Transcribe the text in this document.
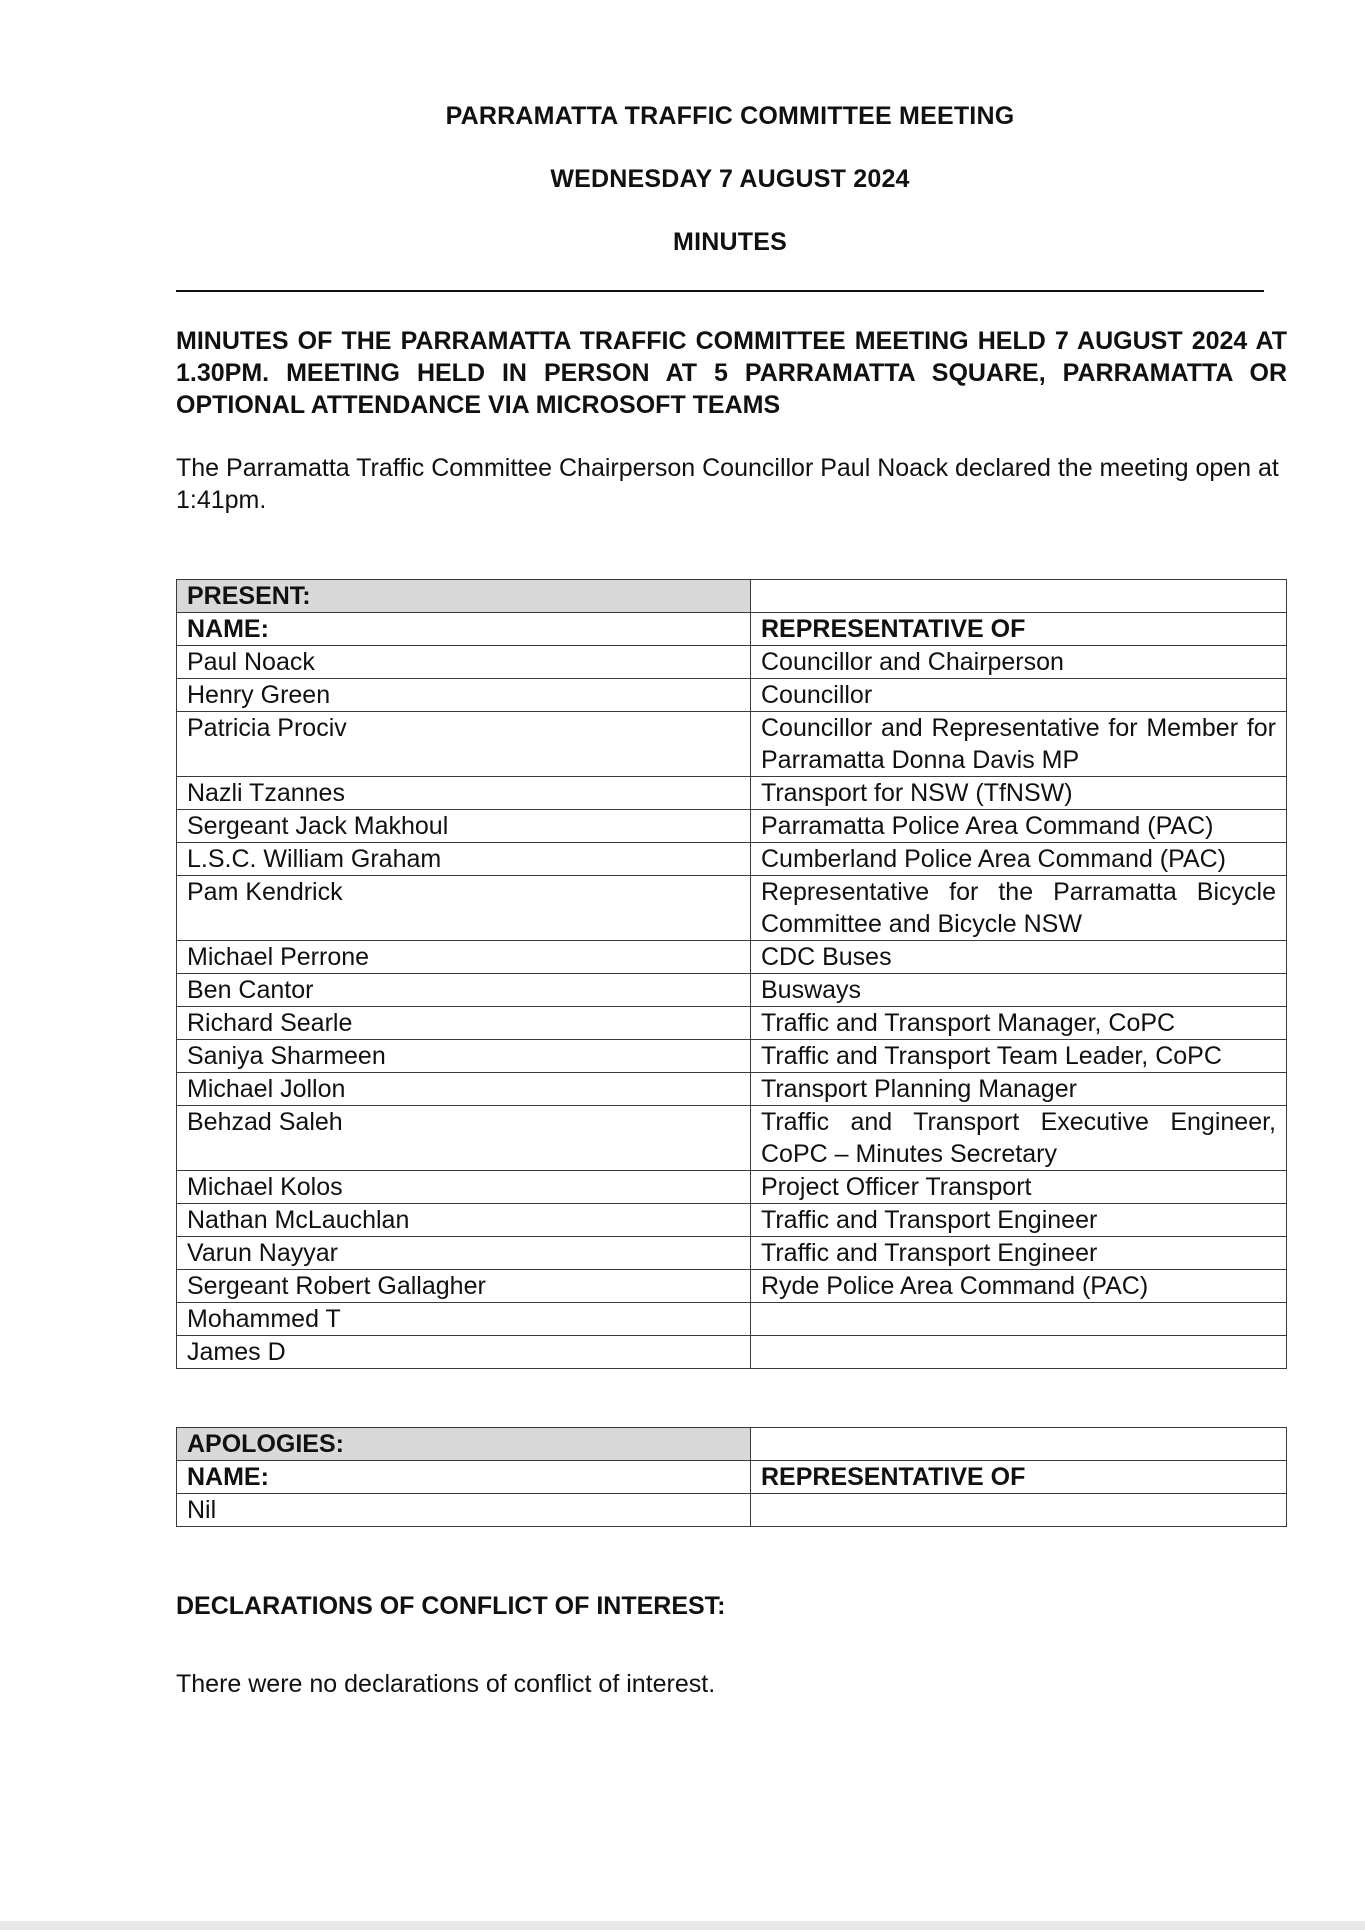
PARRAMATTA TRAFFIC COMMITTEE MEETING
WEDNESDAY 7 AUGUST 2024
MINUTES
MINUTES OF THE PARRAMATTA TRAFFIC COMMITTEE MEETING HELD 7 AUGUST 2024 AT 1.30PM. MEETING HELD IN PERSON AT 5 PARRAMATTA SQUARE, PARRAMATTA OR OPTIONAL ATTENDANCE VIA MICROSOFT TEAMS
The Parramatta Traffic Committee Chairperson Councillor Paul Noack declared the meeting open at 1:41pm.
PRESENT:	
NAME:	REPRESENTATIVE OF
Paul Noack	Councillor and Chairperson
Henry Green	Councillor
Patricia Prociv	Councillor and Representative for Member for Parramatta Donna Davis MP
Nazli Tzannes	Transport for NSW (TfNSW)
Sergeant Jack Makhoul	Parramatta Police Area Command (PAC)
L.S.C. William Graham	Cumberland Police Area Command (PAC)
Pam Kendrick	Representative for the Parramatta Bicycle Committee and Bicycle NSW
Michael Perrone	CDC Buses
Ben Cantor	Busways
Richard Searle	Traffic and Transport Manager, CoPC
Saniya Sharmeen	Traffic and Transport Team Leader, CoPC
Michael Jollon	Transport Planning Manager
Behzad Saleh	Traffic and Transport Executive Engineer, CoPC – Minutes Secretary
Michael Kolos	Project Officer Transport
Nathan McLauchlan	Traffic and Transport Engineer
Varun Nayyar	Traffic and Transport Engineer
Sergeant Robert Gallagher	Ryde Police Area Command (PAC)
Mohammed T	
James D	
APOLOGIES:	
NAME:	REPRESENTATIVE OF
Nil	
DECLARATIONS OF CONFLICT OF INTEREST:
There were no declarations of conflict of interest.
